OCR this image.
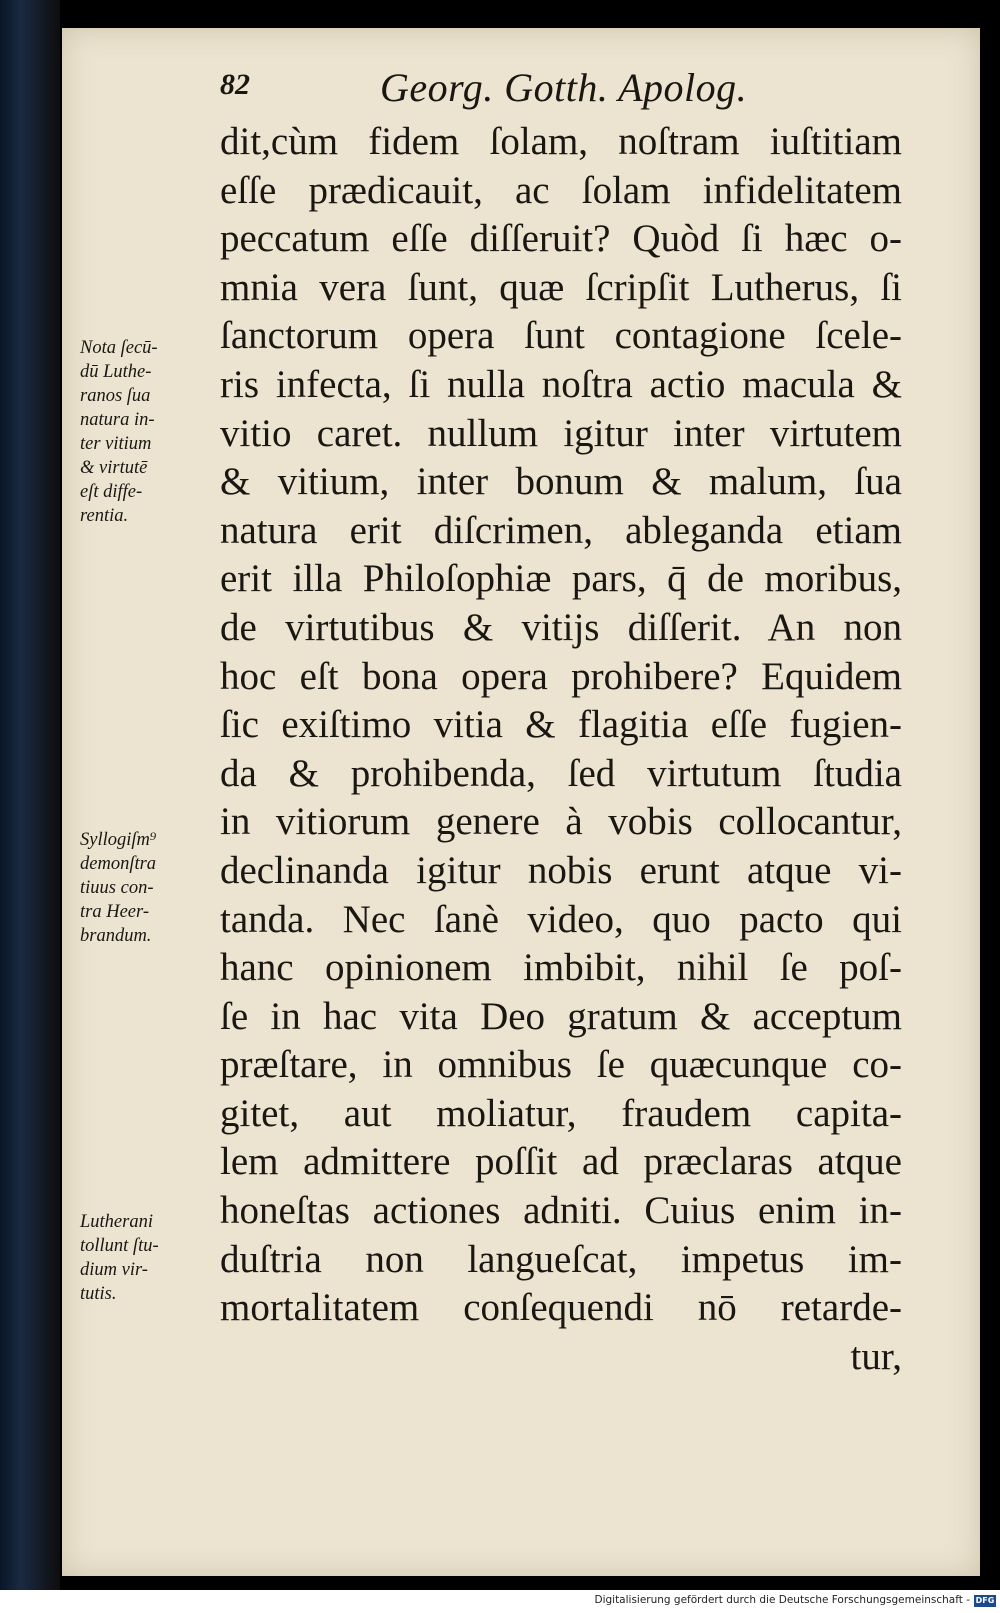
82	Georg. Gotth. Apolog.
dit,cùm fidem ſolam, noſtram iuſtitiam
eſſe prædicauit, ac ſolam infidelitatem
peccatum eſſe diſſeruit? Quòd ſi hæc o-
mnia vera ſunt, quæ ſcripſit Lutherus, ſi
ſanctorum opera ſunt contagione ſcele-
ris infecta, ſi nulla noſtra actio macula &
vitio caret. nullum igitur inter virtutem
& vitium, inter bonum & malum, ſua
natura erit diſcrimen, ableganda etiam
erit illa Philoſophiæ pars, q̄ de moribus,
de virtutibus & vitijs diſſerit. An non
hoc eſt bona opera prohibere? Equidem
ſic exiſtimo vitia & flagitia eſſe fugien-
da & prohibenda, ſed virtutum ſtudia
in vitiorum genere à vobis collocantur,
declinanda igitur nobis erunt atque vi-
tanda. Nec ſanè video, quo pacto qui
hanc opinionem imbibit, nihil ſe poſ-
ſe in hac vita Deo gratum & acceptum
præſtare, in omnibus ſe quæcunque co-
gitet, aut moliatur, fraudem capita-
lem admittere poſſit ad præclaras atque
honeſtas actiones adniti. Cuius enim in-
duſtria non langueſcat, impetus im-
mortalitatem conſequendi nō retarde-
tur,
Nota ſecū-
dū Luthe-
ranos ſua
natura in-
ter vitium
& virtutē
eſt diffe-
rentia.
Syllogiſm⁹
demonſtra
tiuus con-
tra Heer-
brandum.
Lutherani
tollunt ſtu-
dium vir-
tutis.
Digitalisierung gefördert durch die Deutsche Forschungsgemeinschaft - DFG
